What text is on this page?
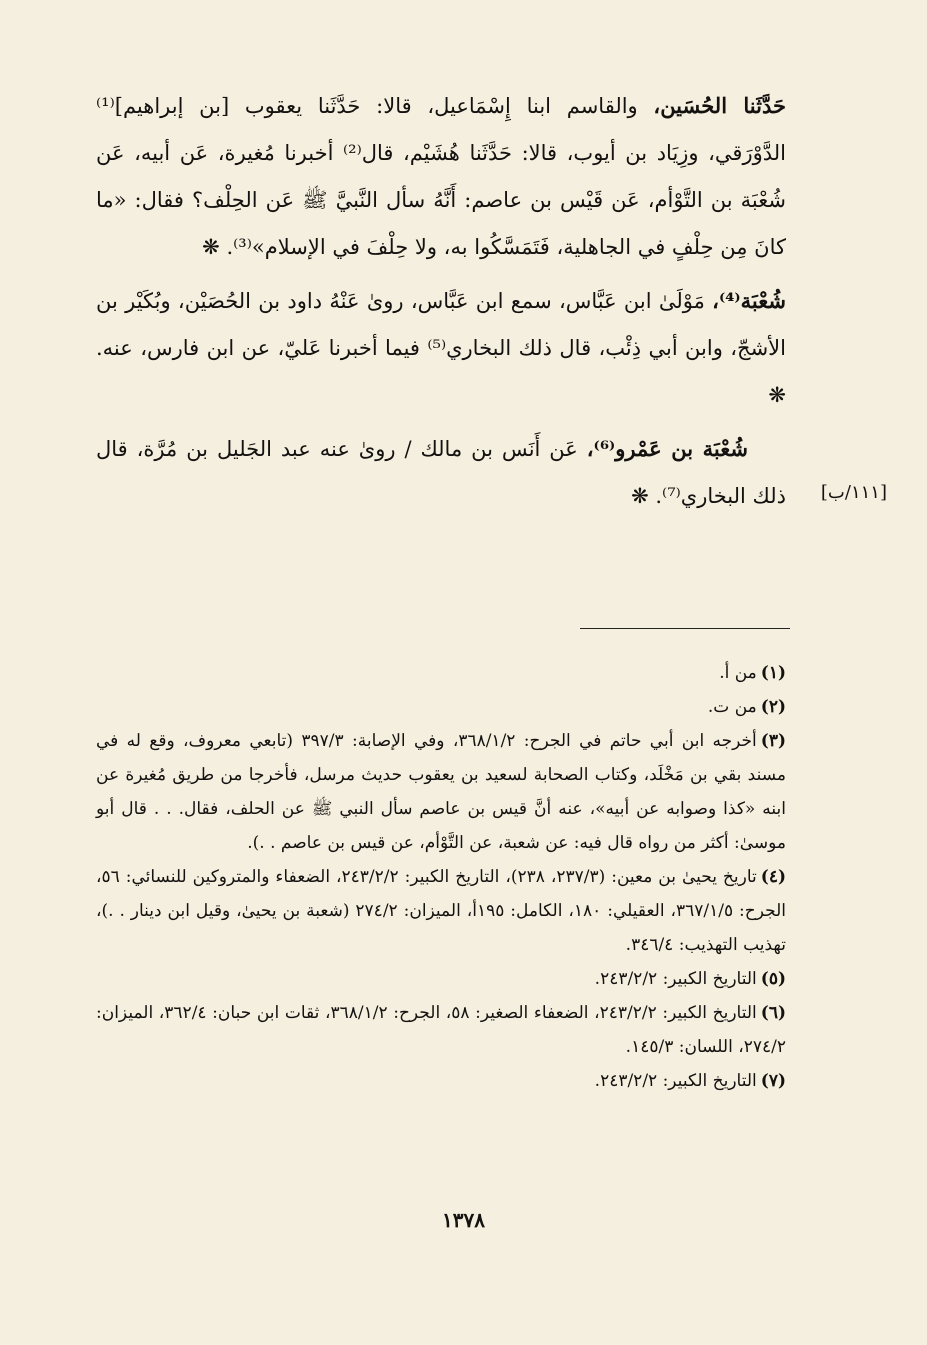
حَدَّثَنا الحُسَين، والقاسم ابنا إِسْمَاعيل، قالا: حَدَّثَنا يعقوب [بن إبراهيم]⁽¹⁾ الدَّوْرَقي، وزِيَاد بن أيوب، قالا: حَدَّثَنا هُشَيْم، قال⁽²⁾ أخبرنا مُغيرة، عَن أبيه، عَن شُعْبَة بن التَّوْأم، عَن قَيْس بن عاصم: أَنَّهُ سأل النَّبيَّ ﷺ عَن الحِلْف؟ فقال: «ما كانَ مِن حِلْفٍ في الجاهلية، فَتَمَسَّكُوا به، ولا حِلْفَ في الإسلام»⁽³⁾. ❋

شُعْبَة⁽⁴⁾، مَوْلَىٰ ابن عَبَّاس، سمع ابن عَبَّاس، روىٰ عَنْهُ داود بن الحُصَيْن، وبُكَيْر بن الأشجّ، وابن أبي ذِئْب، قال ذلك البخاري⁽⁵⁾ فيما أخبرنا عَليّ، عن ابن فارس، عنه. ❋

شُعْبَة بن عَمْرو⁽⁶⁾، عَن أَنَس بن مالك / روىٰ عنه عبد الجَليل بن مُرَّة، قال ذلك البخاري⁽⁷⁾. ❋ [١١١/ب]

(١)من أ.

(٢)من ت.

(٣)أخرجه ابن أبي حاتم في الجرح: ٣٦٨/١/٢، وفي الإصابة: ٣٩٧/٣ (تابعي معروف، وقع له في مسند بقي بن مَخْلَد، وكتاب الصحابة لسعيد بن يعقوب حديث مرسل، فأخرجا من طريق مُغيرة عن ابنه «كذا وصوابه عن أبيه»، عنه أنَّ قيس بن عاصم سأل النبي ﷺ عن الحلف، فقال. . . قال أبو موسىٰ: أكثر من رواه قال فيه: عن شعبة، عن التَّوْأم، عن قيس بن عاصم . .).

(٤)تاريخ يحيىٰ بن معين: (٢٣٧/٣، ٢٣٨)، التاريخ الكبير: ٢٤٣/٢/٢، الضعفاء والمتروكين للنسائي: ٥٦، الجرح: ٣٦٧/١/٥، العقيلي: ١٨٠، الكامل: ١٩٥أ، الميزان: ٢٧٤/٢ (شعبة بن يحيىٰ، وقيل ابن دينار . .)، تهذيب التهذيب: ٣٤٦/٤.

(٥)التاريخ الكبير: ٢٤٣/٢/٢.

(٦)التاريخ الكبير: ٢٤٣/٢/٢، الضعفاء الصغير: ٥٨، الجرح: ٣٦٨/١/٢، ثقات ابن حبان: ٣٦٢/٤، الميزان: ٢٧٤/٢، اللسان: ١٤٥/٣.

(٧)التاريخ الكبير: ٢٤٣/٢/٢.

١٣٧٨
